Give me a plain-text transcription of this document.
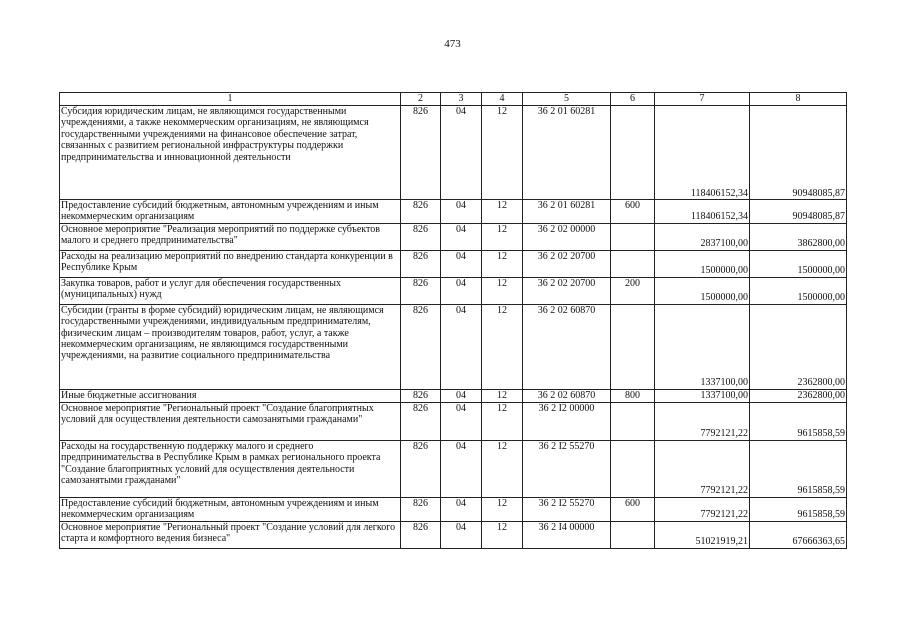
473
1	2	3	4	5	6	7	8
Субсидия юридическим лицам, не являющимся государственными учреждениями, а также некоммерческим организациям, не являющимся государственными учреждениями на финансовое обеспечение затрат, связанных с развитием региональной инфраструктуры поддержки предпринимательства и инновационной деятельности	826	04	12	36 2 01 60281		118406152,34	90948085,87
Предоставление субсидий бюджетным, автономным учреждениям и иным некоммерческим организациям	826	04	12	36 2 01 60281	600	118406152,34	90948085,87
Основное мероприятие "Реализация мероприятий по поддержке субъектов малого и среднего предпринимательства"	826	04	12	36 2 02 00000		2837100,00	3862800,00
Расходы на реализацию мероприятий по внедрению стандарта конкуренции в Республике Крым	826	04	12	36 2 02 20700		1500000,00	1500000,00
Закупка товаров, работ и услуг для обеспечения государственных (муниципальных) нужд	826	04	12	36 2 02 20700	200	1500000,00	1500000,00
Субсидии (гранты в форме субсидий) юридическим лицам, не являющимся государственными учреждениями, индивидуальным предпринимателям, физическим лицам – производителям товаров, работ, услуг, а также некоммерческим организациям, не являющимся государственными учреждениями, на развитие социального предпринимательства	826	04	12	36 2 02 60870		1337100,00	2362800,00
Иные бюджетные ассигнования	826	04	12	36 2 02 60870	800	1337100,00	2362800,00
Основное мероприятие "Региональный проект "Создание благоприятных условий для осуществления деятельности самозанятыми гражданами"	826	04	12	36 2 I2 00000		7792121,22	9615858,59
Расходы на государственную поддержку малого и среднего предпринимательства в Республике Крым в рамках регионального проекта "Создание благоприятных условий для осуществления деятельности самозанятыми гражданами"	826	04	12	36 2 I2 55270		7792121,22	9615858,59
Предоставление субсидий бюджетным, автономным учреждениям и иным некоммерческим организациям	826	04	12	36 2 I2 55270	600	7792121,22	9615858,59
Основное мероприятие "Региональный проект "Создание условий для легкого старта и комфортного ведения бизнеса"	826	04	12	36 2 I4 00000		51021919,21	67666363,65
